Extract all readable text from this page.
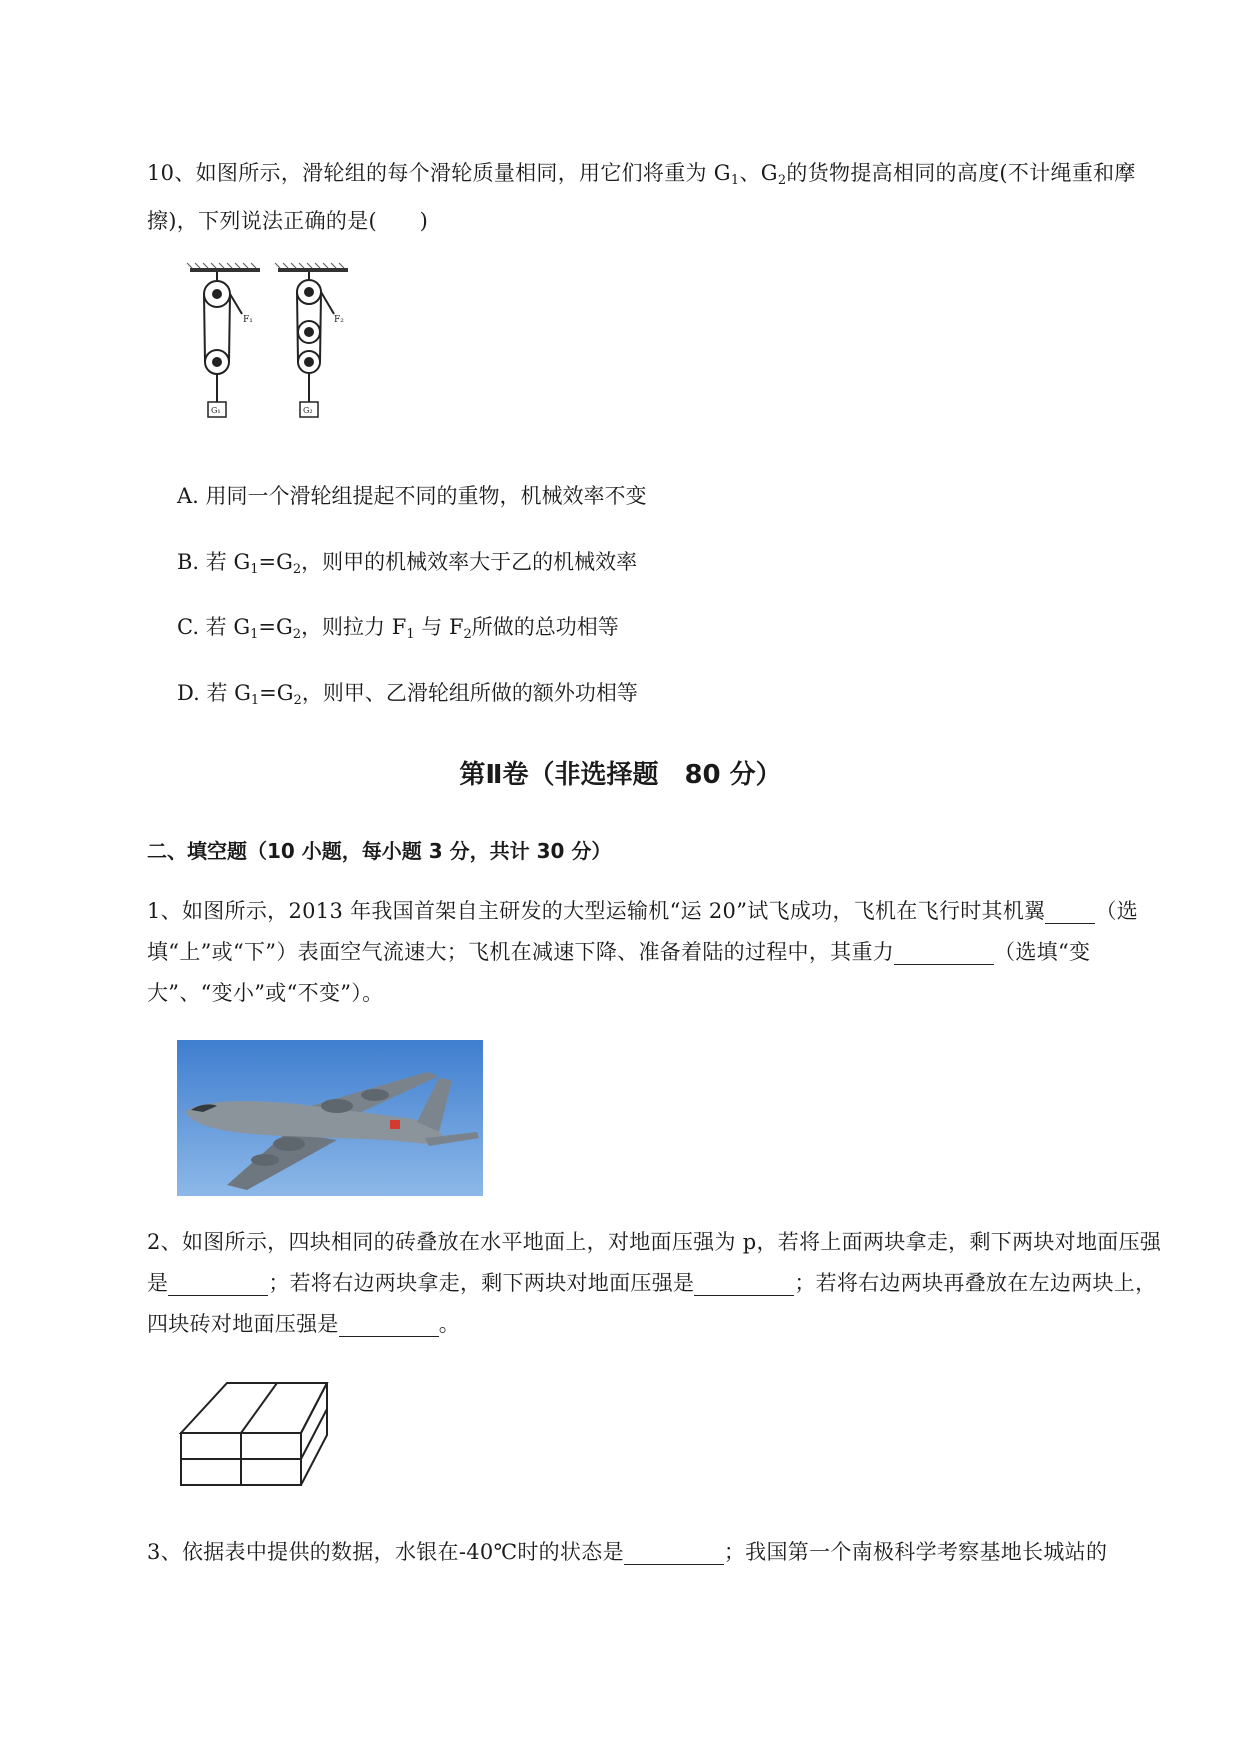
10、如图所示，滑轮组的每个滑轮质量相同，用它们将重为 $G_1$、$G_2$的货物提高相同的高度(不计绳重和摩擦)，下列说法正确的是(　　)
F₁
G₁
F₂
G₂
A. 用同一个滑轮组提起不同的重物，机械效率不变
B. 若 $G_1=G_2$，则甲的机械效率大于乙的机械效率
C. 若 $G_1=G_2$，则拉力 $F_1$ 与 $F_2$所做的总功相等
D. 若 $G_1=G_2$，则甲、乙滑轮组所做的额外功相等
第Ⅱ卷（非选择题　80 分）
二、填空题（10 小题，每小题 3 分，共计 30 分）
1、如图所示，2013 年我国首架自主研发的大型运输机“运 20”试飞成功，飞机在飞行时其机翼 （选填“上”或“下”）表面空气流速大；飞机在减速下降、准备着陆的过程中，其重力	（选填“变大”、“变小”或“不变”）。
2、如图所示，四块相同的砖叠放在水平地面上，对地面压强为 p，若将上面两块拿走，剩下两块对地面压强是	；若将右边两块拿走，剩下两块对地面压强是	；若将右边两块再叠放在左边两块上，四块砖对地面压强是	。
3、依据表中提供的数据，水银在-40℃时的状态是	；我国第一个南极科学考察基地长城站的
